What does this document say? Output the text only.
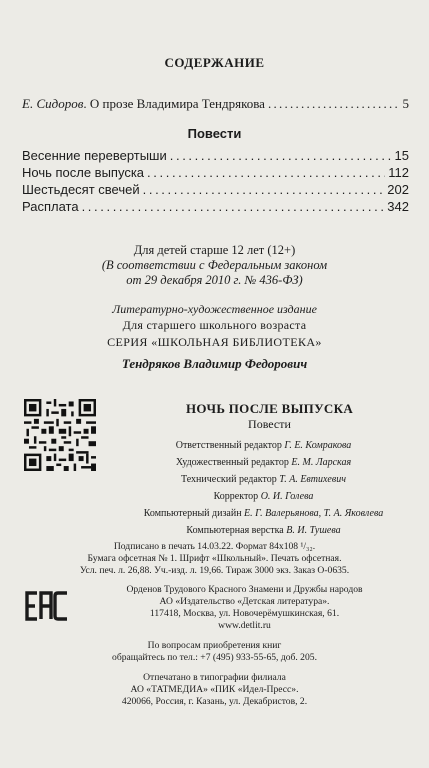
СОДЕРЖАНИЕ
Е. Сидоров. О прозе Владимира Тендрякова . . .	5
Повести
Весенние перевертыши . . .	15
Ночь после выпуска . . .	112
Шестьдесят свечей . . .	202
Расплата . . .	342
Для детей старше 12 лет (12+)
(В соответствии с Федеральным законом
от 29 декабря 2010 г. № 436-ФЗ)
Литературно-художественное издание
Для старшего школьного возраста
СЕРИЯ «ШКОЛЬНАЯ БИБЛИОТЕКА»
Тендряков Владимир Федорович
НОЧЬ ПОСЛЕ ВЫПУСКА
Повести
Ответственный редактор Г. Е. Комракова
Художественный редактор Е. М. Ларская
Технический редактор Т. А. Евтихевич
Корректор О. И. Голева
Компьютерный дизайн Е. Г. Валерьянова, Т. А. Яковлева
Компьютерная верстка В. И. Тушева
Подписано в печать 14.03.22. Формат 84x108 ¹/₃₂.
Бумага офсетная № 1. Шрифт «Школьный». Печать офсетная.
Усл. печ. л. 26,88. Уч.-изд. л. 19,66. Тираж 3000 экз. Заказ О-0635.
Орденов Трудового Красного Знамени и Дружбы народов
АО «Издательство «Детская литература».
117418, Москва, ул. Новочерёмушкинская, 61.
www.detlit.ru
По вопросам приобретения книг
обращайтесь по тел.: +7 (495) 933-55-65, доб. 205.
Отпечатано в типографии филиала
АО «ТАТМЕДИА» «ПИК «Идел-Пресс».
420066, Россия, г. Казань, ул. Декабристов, 2.
